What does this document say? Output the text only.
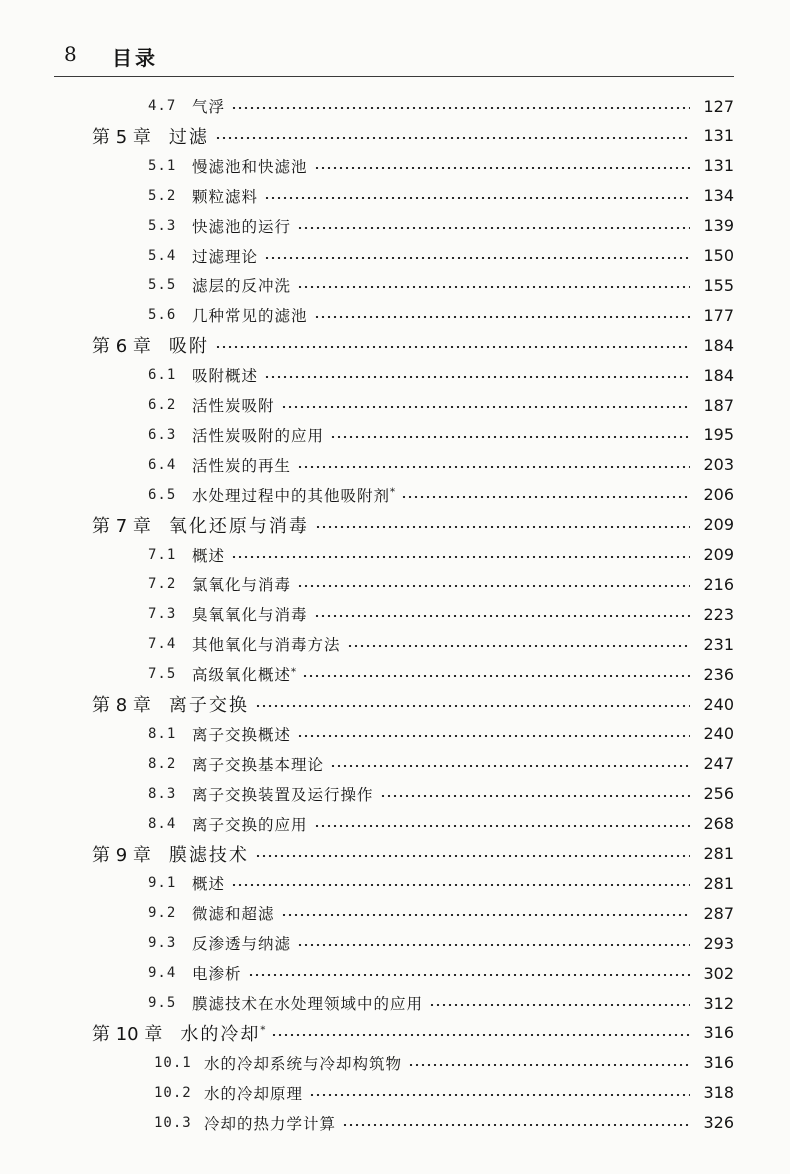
8 目录
4.7	气浮	127
第 5 章 过滤	131
5.1	慢滤池和快滤池	131
5.2	颗粒滤料	134
5.3	快滤池的运行	139
5.4	过滤理论	150
5.5	滤层的反冲洗	155
5.6	几种常见的滤池	177
第 6 章 吸附	184
6.1	吸附概述	184
6.2	活性炭吸附	187
6.3	活性炭吸附的应用	195
6.4	活性炭的再生	203
6.5	水处理过程中的其他吸附剂*	206
第 7 章 氧化还原与消毒	209
7.1	概述	209
7.2	氯氧化与消毒	216
7.3	臭氧氧化与消毒	223
7.4	其他氧化与消毒方法	231
7.5	高级氧化概述*	236
第 8 章 离子交换	240
8.1	离子交换概述	240
8.2	离子交换基本理论	247
8.3	离子交换装置及运行操作	256
8.4	离子交换的应用	268
第 9 章 膜滤技术	281
9.1	概述	281
9.2	微滤和超滤	287
9.3	反渗透与纳滤	293
9.4	电渗析	302
9.5	膜滤技术在水处理领域中的应用	312
第 10 章 水的冷却*	316
10.1 水的冷却系统与冷却构筑物	316
10.2 水的冷却原理	318
10.3 冷却的热力学计算	326
